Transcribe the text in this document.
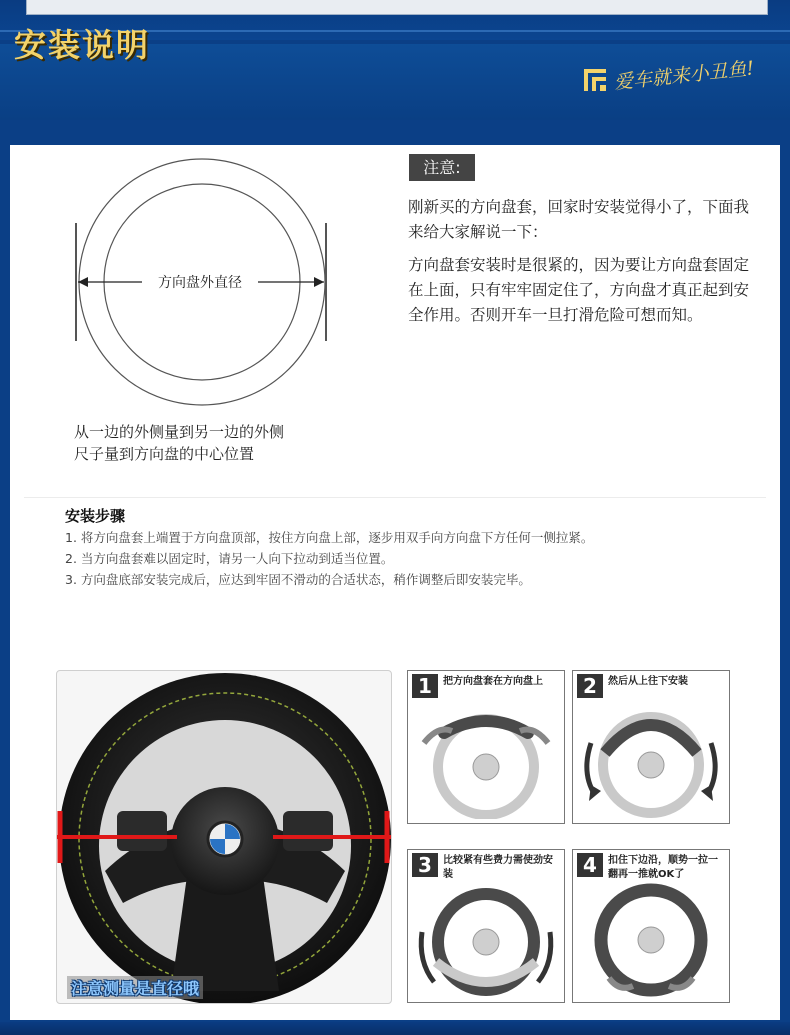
安装说明
爱车就来小丑鱼!
方向盘外直径
从一边的外侧量到另一边的外侧
尺子量到方向盘的中心位置
注意:
刚新买的方向盘套，回家时安装觉得小了，下面我来给大家解说一下：
方向盘套安装时是很紧的，因为要让方向盘套固定在上面，只有牢牢固定住了，方向盘才真正起到安全作用。否则开车一旦打滑危险可想而知。
安装步骤
1. 将方向盘套上端置于方向盘顶部，按住方向盘上部，逐步用双手向方向盘下方任何一侧拉紧。
2. 当方向盘套难以固定时，请另一人向下拉动到适当位置。
3. 方向盘底部安装完成后，应达到牢固不滑动的合适状态，稍作调整后即安装完毕。
注意测量是直径哦
1	把方向盘套在方向盘上	2	然后从上往下安装
3	比较紧有些费力需使劲安装	4	扣住下边沿，顺势一拉一翻再一推就OK了
